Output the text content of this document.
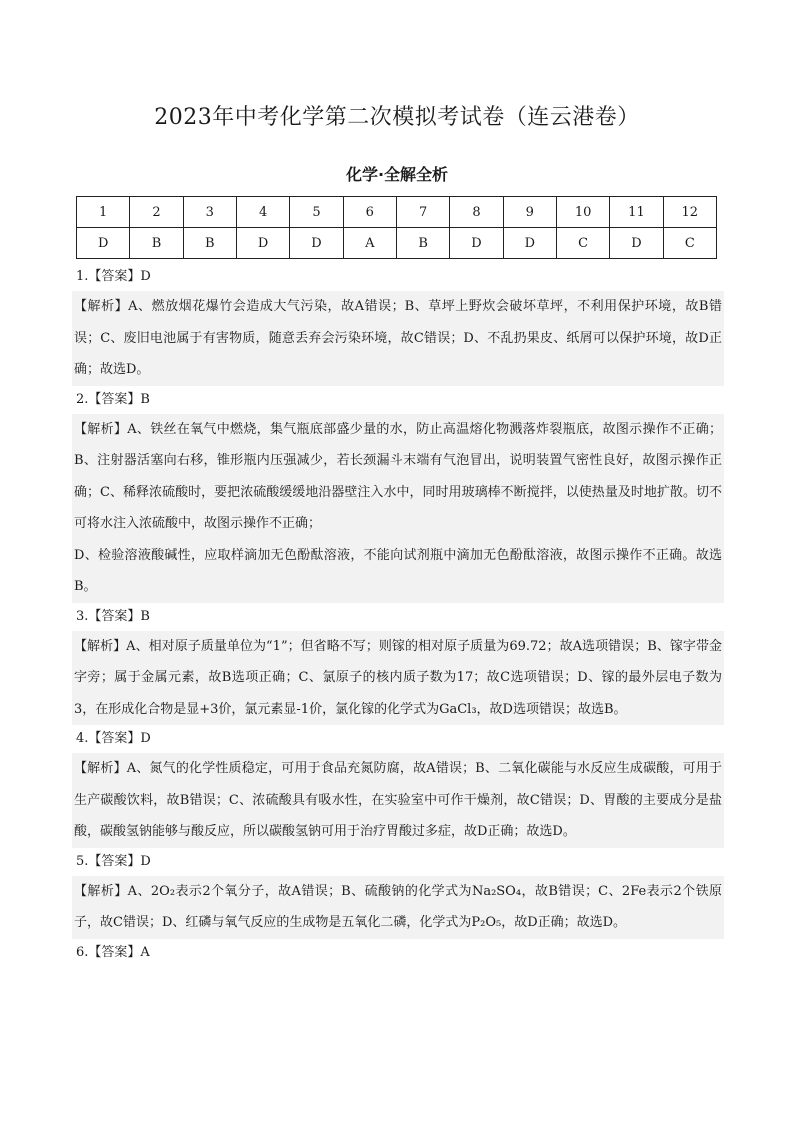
2023年中考化学第二次模拟考试卷（连云港卷）
化学·全解全析
1	2	3	4	5	6	7	8	9	10	11	12
D	B	B	D	D	A	B	D	D	C	D	C
1.【答案】D

【解析】A、燃放烟花爆竹会造成大气污染，故A错误；B、草坪上野炊会破坏草坪，不利用保护环境，故B错误；C、废旧电池属于有害物质，随意丢弃会污染环境，故C错误；D、不乱扔果皮、纸屑可以保护环境，故D正确；故选D。

2.【答案】B

【解析】A、铁丝在氧气中燃烧，集气瓶底部盛少量的水，防止高温熔化物溅落炸裂瓶底，故图示操作不正确；B、注射器活塞向右移，锥形瓶内压强减少，若长颈漏斗末端有气泡冒出，说明装置气密性良好，故图示操作正确；C、稀释浓硫酸时，要把浓硫酸缓缓地沿器壁注入水中，同时用玻璃棒不断搅拌，以使热量及时地扩散。切不可将水注入浓硫酸中，故图示操作不正确；

D、检验溶液酸碱性，应取样滴加无色酚酞溶液，不能向试剂瓶中滴加无色酚酞溶液，故图示操作不正确。故选B。

3.【答案】B

【解析】A、相对原子质量单位为“1”；但省略不写；则镓的相对原子质量为69.72；故A选项错误；B、镓字带金字旁；属于金属元素，故B选项正确；C、氯原子的核内质子数为17；故C选项错误；D、镓的最外层电子数为3，在形成化合物是显+3价，氯元素显-1价，氯化镓的化学式为GaCl₃，故D选项错误；故选B。

4.【答案】D

【解析】A、氮气的化学性质稳定，可用于食品充氮防腐，故A错误；B、二氧化碳能与水反应生成碳酸，可用于生产碳酸饮料，故B错误；C、浓硫酸具有吸水性，在实验室中可作干燥剂，故C错误；D、胃酸的主要成分是盐酸，碳酸氢钠能够与酸反应，所以碳酸氢钠可用于治疗胃酸过多症，故D正确；故选D。

5.【答案】D

【解析】A、2O₂表示2个氧分子，故A错误；B、硫酸钠的化学式为Na₂SO₄，故B错误；C、2Fe表示2个铁原子，故C错误；D、红磷与氧气反应的生成物是五氧化二磷，化学式为P₂O₅，故D正确；故选D。

6.【答案】A
